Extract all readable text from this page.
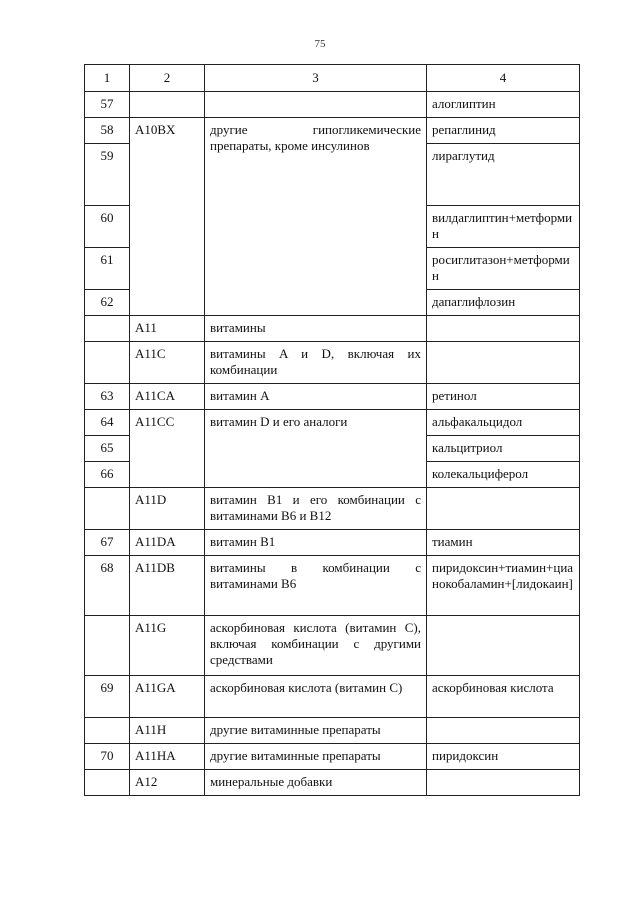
75
1	2	3	4
57			алоглиптин
58	A10BX	другие гипогликемические препараты, кроме инсулинов	репаглинид
59			лираглутид
60			вилдаглиптин+метформин
61			росиглитазон+метформин
62			дапаглифлозин
	A11	витамины	
	A11C	витамины A и D, включая их комбинации	
63	A11CA	витамин A	ретинол
64	A11CC	витамин D и его аналоги	альфакальцидол
65			кальцитриол
66			колекальциферол
	A11D	витамин B1 и его комбинации с витаминами B6 и B12	
67	A11DA	витамин B1	тиамин
68	A11DB	витамины в комбинации с витаминами B6	пиридоксин+тиамин+цианокобаламин+[лидокаин]
	A11G	аскорбиновая кислота (витамин C), включая комбинации с другими средствами	
69	A11GA	аскорбиновая кислота (витамин C)	аскорбиновая кислота
	A11H	другие витаминные препараты	
70	A11HA	другие витаминные препараты	пиридоксин
	A12	минеральные добавки	
